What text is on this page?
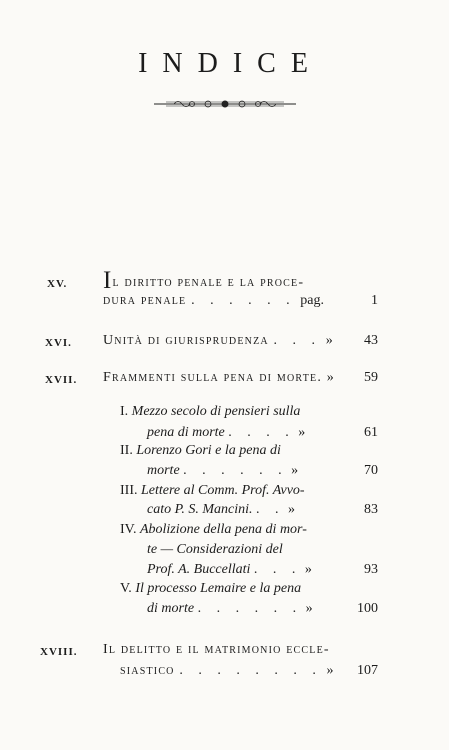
INDICE
XV. Il diritto penale e la proce-
dura penale . . . . . . pag.	1
XVI. Unità di giurisprudenza . . . » 43
XVII. Frammenti sulla pena di morte. » 59
I. Mezzo secolo di pensieri sulla
pena di morte . . . . »	61
II. Lorenzo Gori e la pena di
morte . . . . . . »	70
III. Lettere al Comm. Prof. Avvo-
cato P. S. Mancini. . . »	83
IV. Abolizione della pena di mor-
te — Considerazioni del
Prof. A. Buccellati . . . »	93
V. Il processo Lemaire e la pena
di morte . . . . . . »	100
XVIII. Il delitto e il matrimonio eccle-
siastico . . . . . . . . » 107
